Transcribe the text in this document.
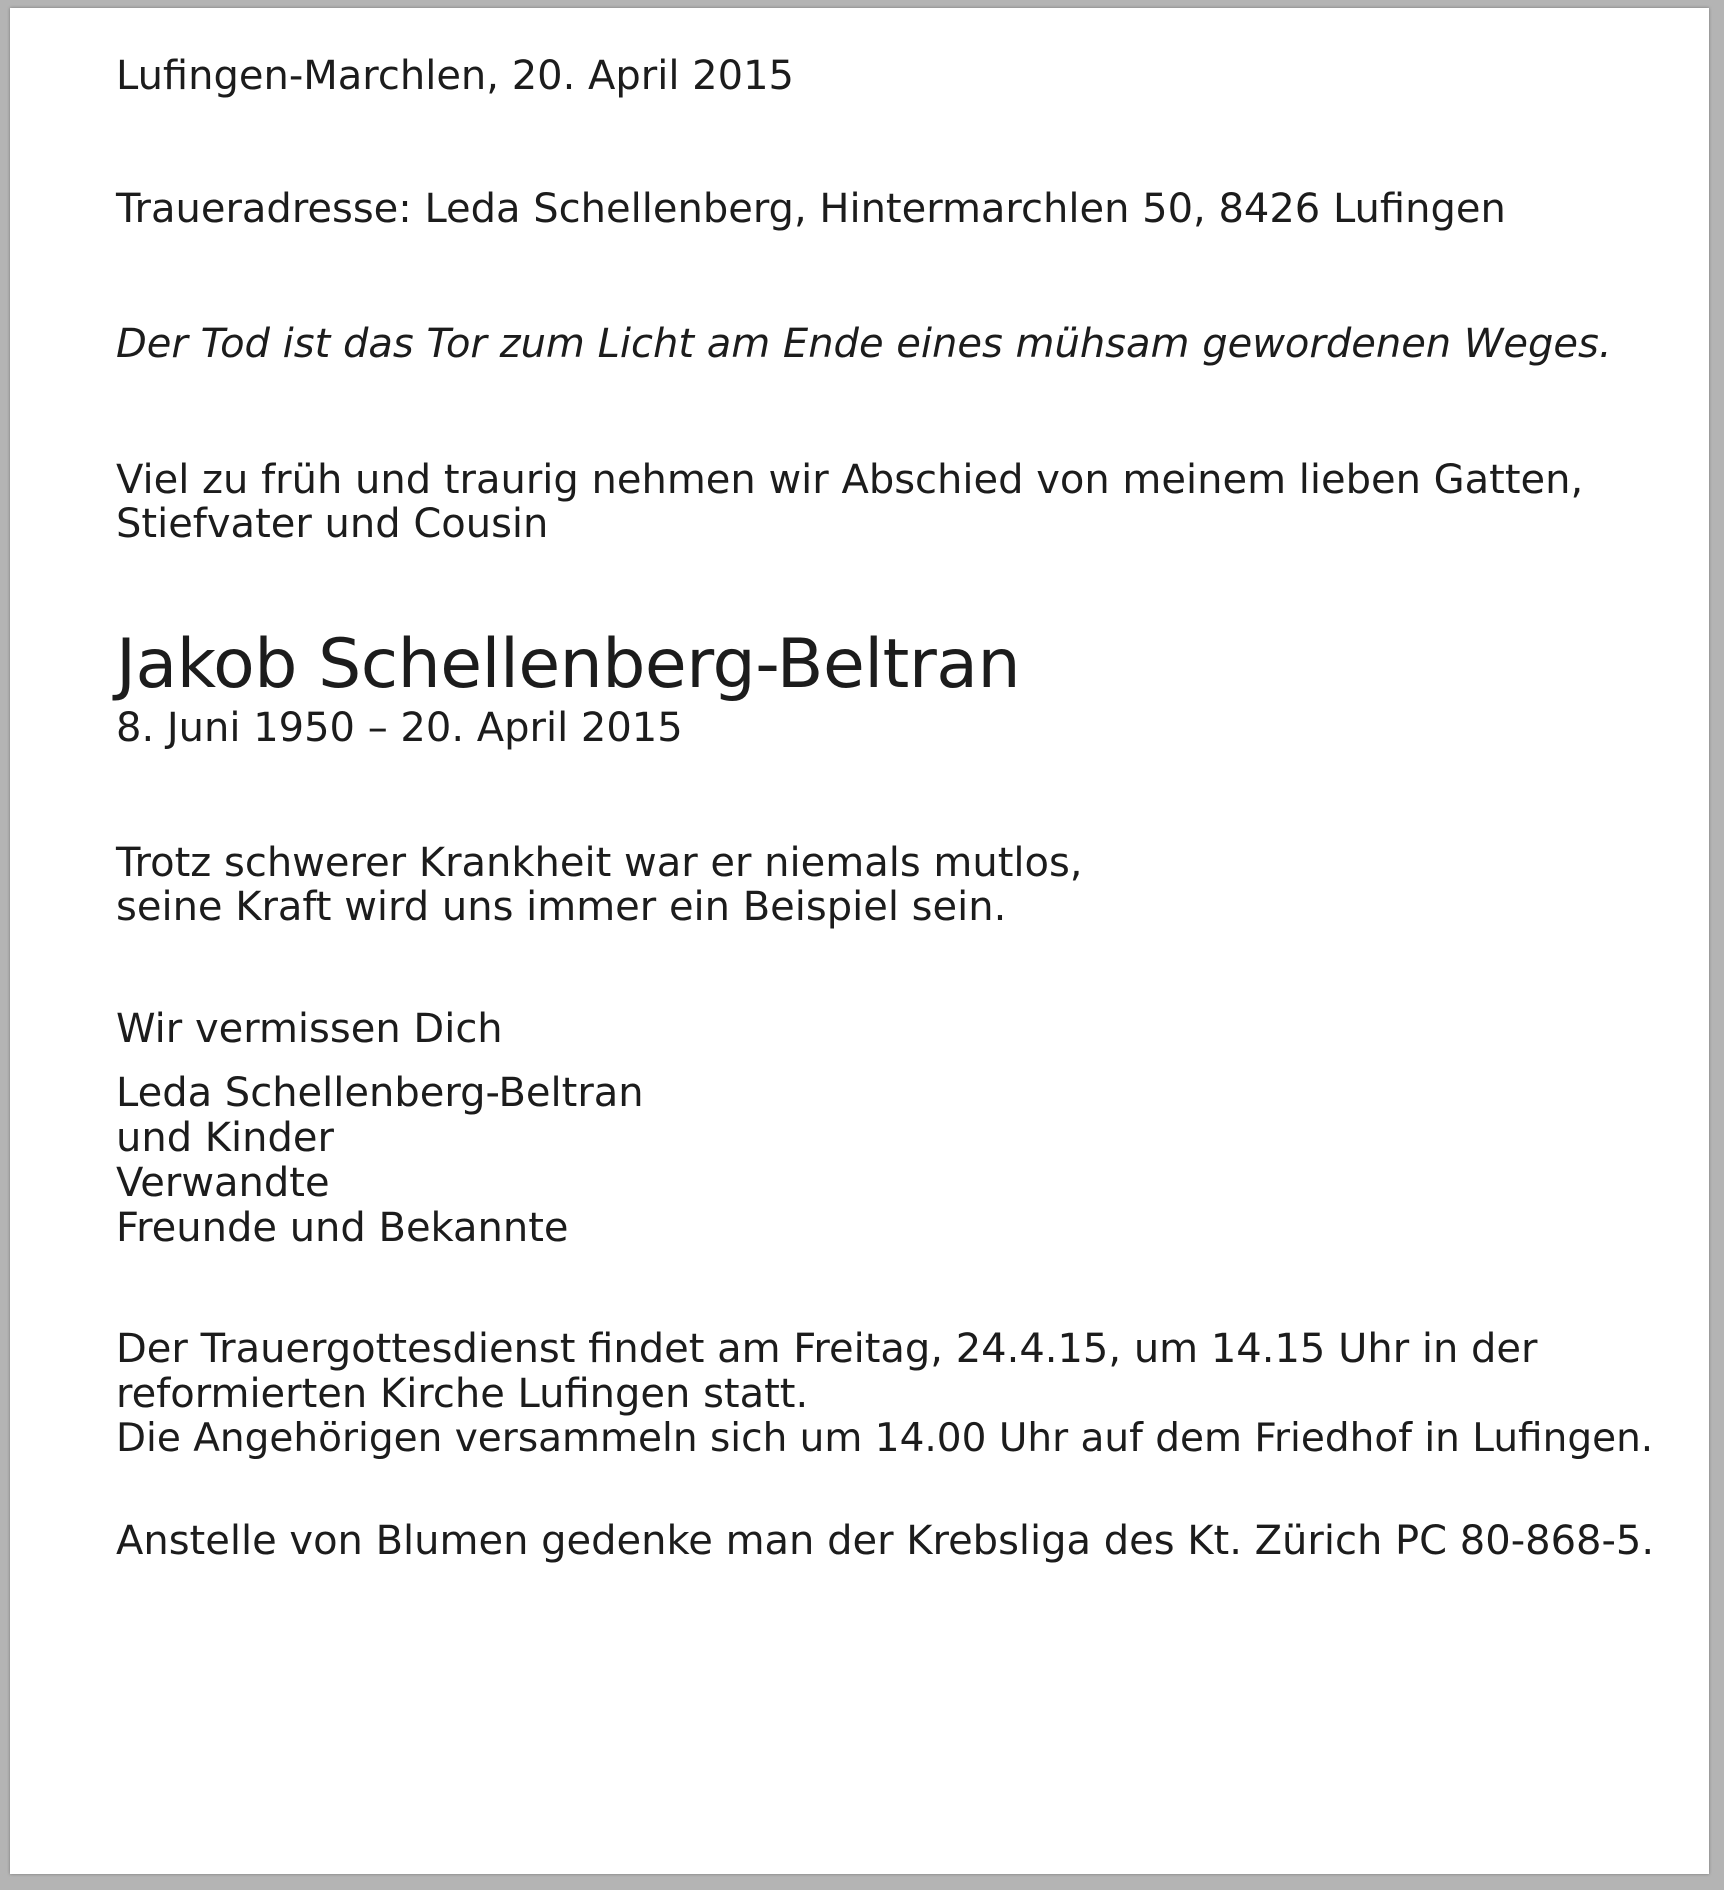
Lufingen-Marchlen, 20. April 2015

Traueradresse: Leda Schellenberg, Hintermarchlen 50, 8426 Lufingen

Der Tod ist das Tor zum Licht am Ende eines mühsam gewordenen Weges.

Viel zu früh und traurig nehmen wir Abschied von meinem lieben Gatten,

Stiefvater und Cousin

Jakob Schellenberg-Beltran

8. Juni 1950 – 20. April 2015

Trotz schwerer Krankheit war er niemals mutlos,

seine Kraft wird uns immer ein Beispiel sein.

Wir vermissen Dich

Leda Schellenberg-Beltran

und Kinder

Verwandte

Freunde und Bekannte

Der Trauergottesdienst findet am Freitag, 24.4.15, um 14.15 Uhr in der

reformierten Kirche Lufingen statt.

Die Angehörigen versammeln sich um 14.00 Uhr auf dem Friedhof in Lufingen.

Anstelle von Blumen gedenke man der Krebsliga des Kt. Zürich PC 80-868-5.
